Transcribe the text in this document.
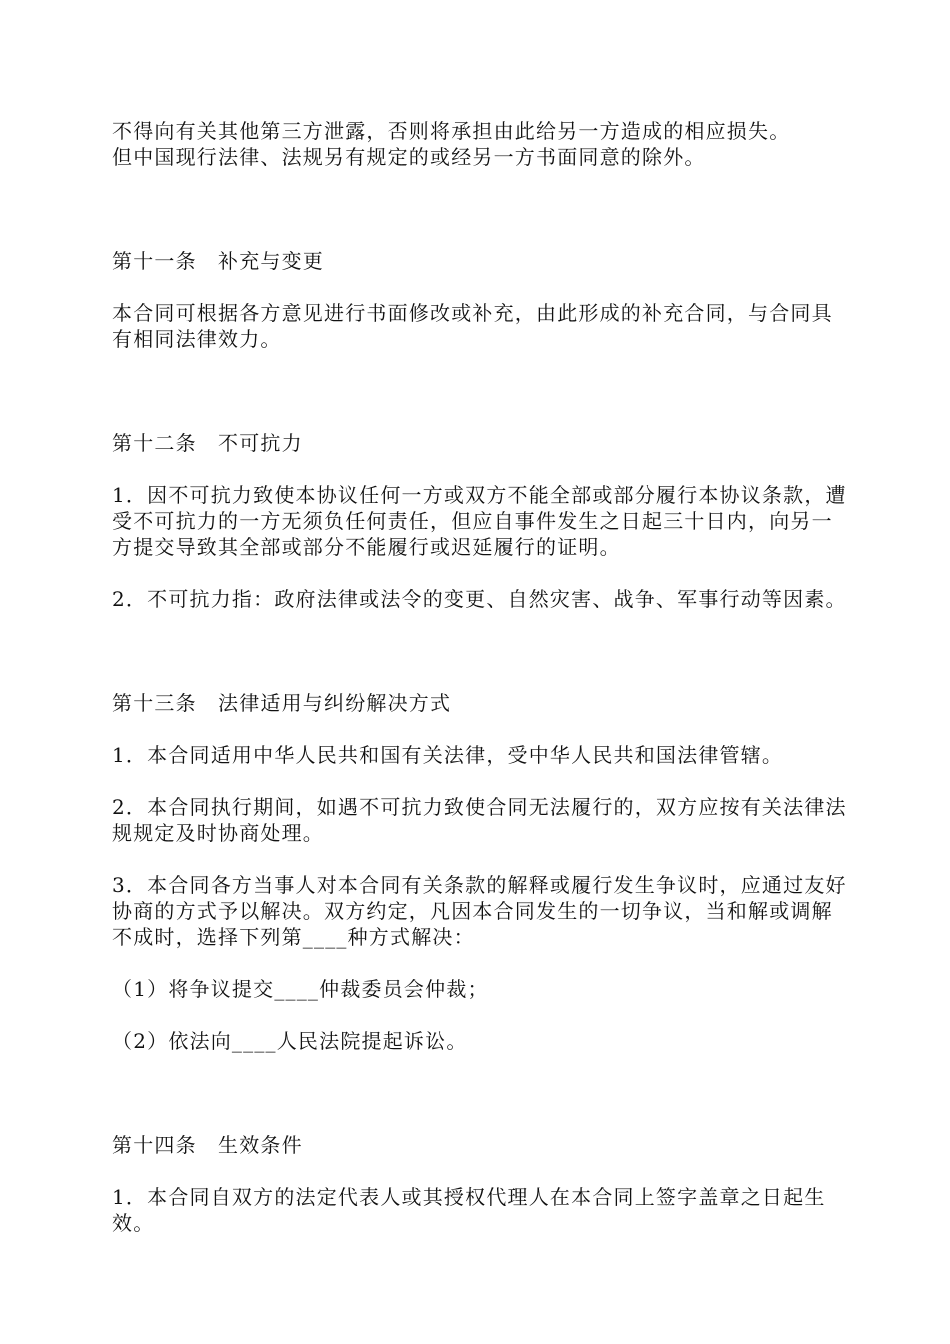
不得向有关其他第三方泄露，否则将承担由此给另一方造成的相应损失。

但中国现行法律、法规另有规定的或经另一方书面同意的除外。

第十一条　补充与变更

本合同可根据各方意见进行书面修改或补充，由此形成的补充合同，与合同具有相同法律效力。

第十二条　不可抗力

1．因不可抗力致使本协议任何一方或双方不能全部或部分履行本协议条款，遭受不可抗力的一方无须负任何责任，但应自事件发生之日起三十日内，向另一方提交导致其全部或部分不能履行或迟延履行的证明。

2．不可抗力指：政府法律或法令的变更、自然灾害、战争、军事行动等因素。

第十三条　法律适用与纠纷解决方式

1．本合同适用中华人民共和国有关法律，受中华人民共和国法律管辖。

2．本合同执行期间，如遇不可抗力致使合同无法履行的，双方应按有关法律法规规定及时协商处理。

3．本合同各方当事人对本合同有关条款的解释或履行发生争议时，应通过友好协商的方式予以解决。双方约定，凡因本合同发生的一切争议，当和解或调解不成时，选择下列第____种方式解决：

（1）将争议提交____仲裁委员会仲裁；

（2）依法向____人民法院提起诉讼。

第十四条　生效条件

1．本合同自双方的法定代表人或其授权代理人在本合同上签字盖章之日起生效。
